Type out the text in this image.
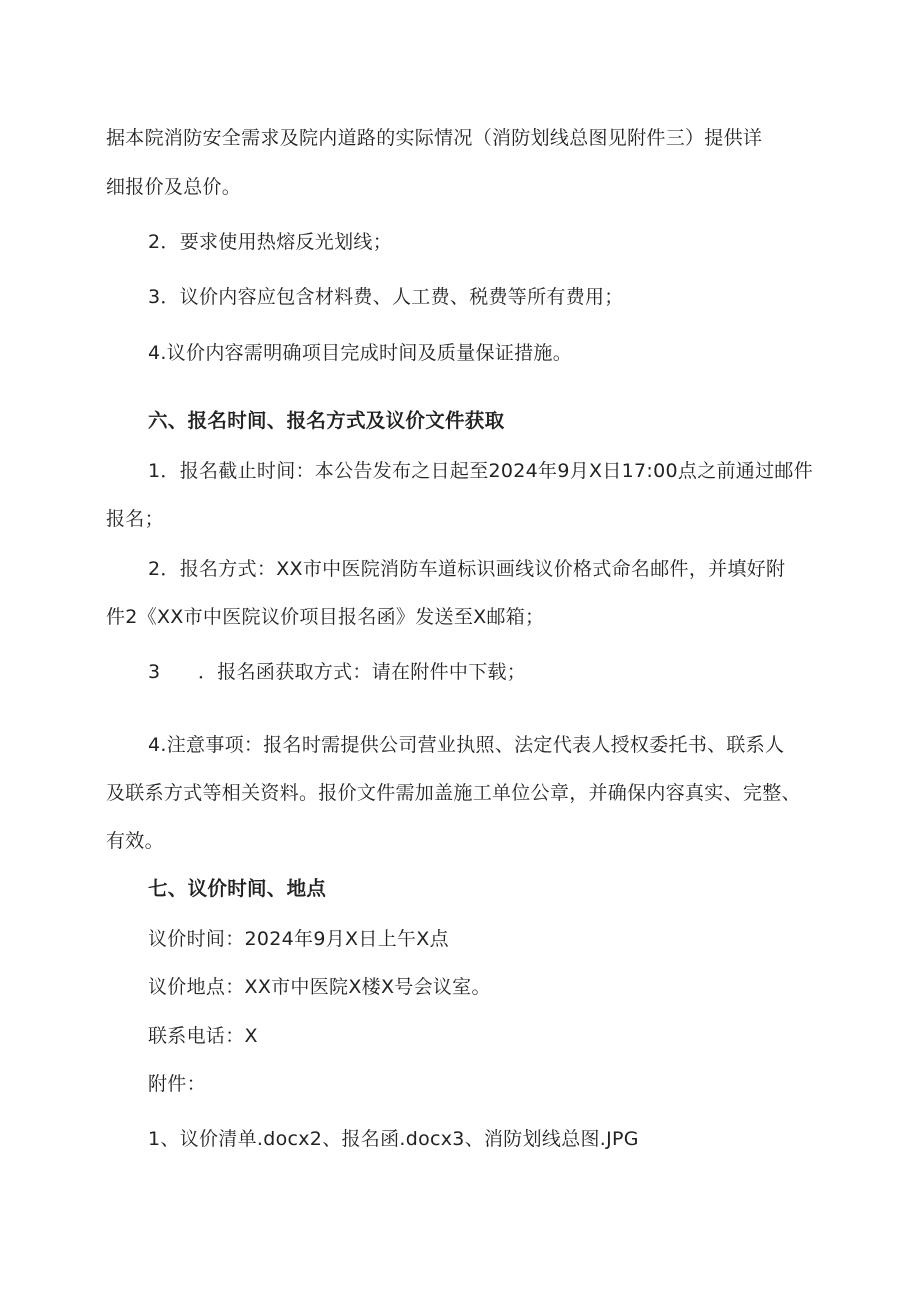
据本院消防安全需求及院内道路的实际情况（消防划线总图见附件三）提供详
细报价及总价。
2．要求使用热熔反光划线；
3．议价内容应包含材料费、人工费、税费等所有费用；
4.议价内容需明确项目完成时间及质量保证措施。
六、报名时间、报名方式及议价文件获取
1．报名截止时间：本公告发布之日起至2024年9月X日17:00点之前通过邮件
报名；
2．报名方式：XX市中医院消防车道标识画线议价格式命名邮件，并填好附
件2《XX市中医院议价项目报名函》发送至X邮箱；
3 ．报名函获取方式：请在附件中下载；
4.注意事项：报名时需提供公司营业执照、法定代表人授权委托书、联系人
及联系方式等相关资料。报价文件需加盖施工单位公章，并确保内容真实、完整、
有效。
七、议价时间、地点
议价时间：2024年9月X日上午X点
议价地点：XX市中医院X楼X号会议室。
联系电话：X
附件：
1、议价清单.docx2、报名函.docx3、消防划线总图.JPG
